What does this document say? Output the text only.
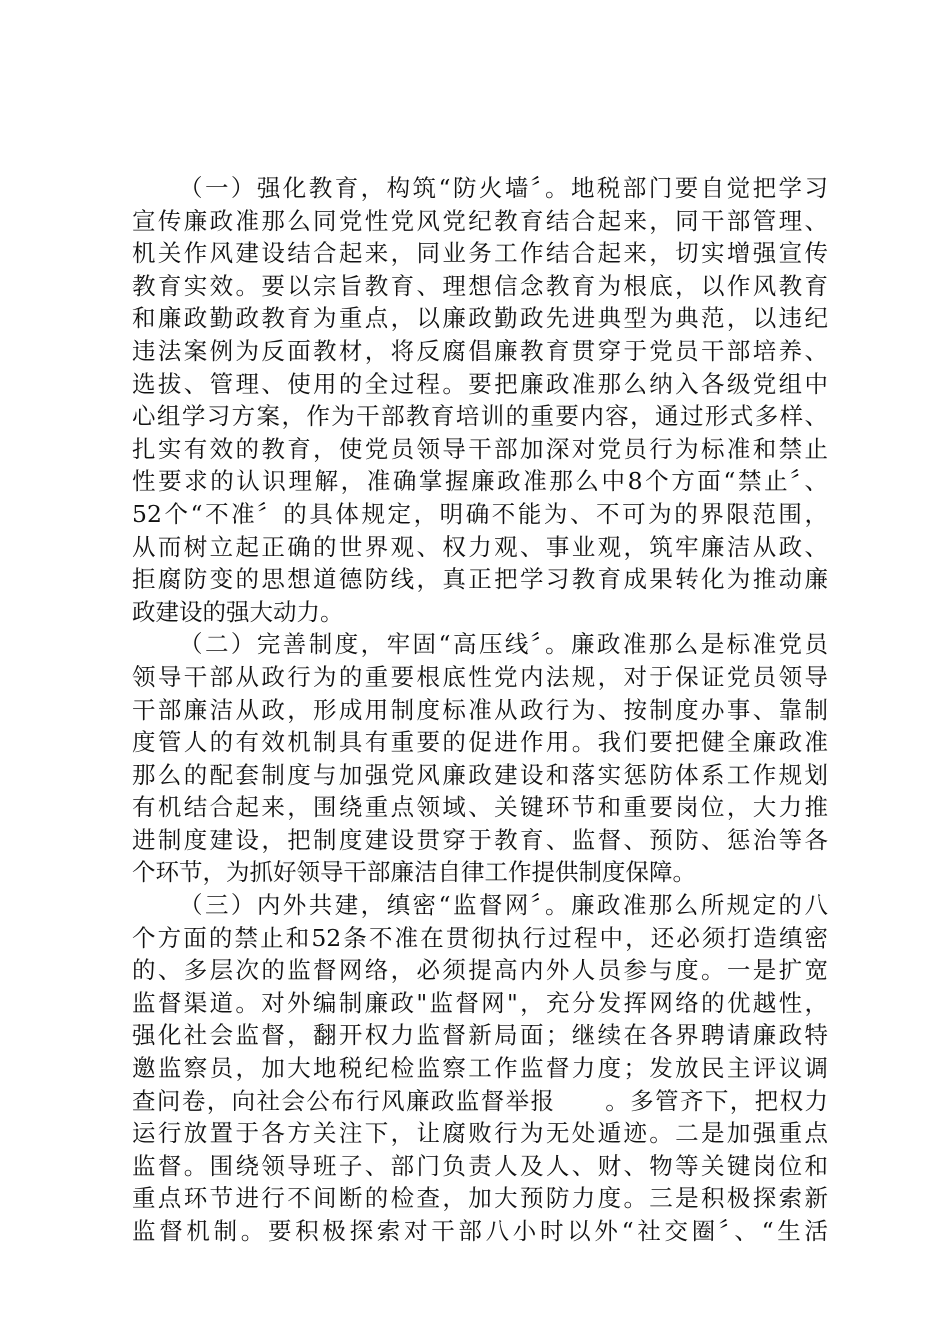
（一）强化教育，构筑“防火墙〞。地税部门要自觉把学习
宣传廉政准那么同党性党风党纪教育结合起来，同干部管理、
机关作风建设结合起来，同业务工作结合起来，切实增强宣传
教育实效。要以宗旨教育、理想信念教育为根底，以作风教育
和廉政勤政教育为重点，以廉政勤政先进典型为典范，以违纪
违法案例为反面教材，将反腐倡廉教育贯穿于党员干部培养、
选拔、管理、使用的全过程。要把廉政准那么纳入各级党组中
心组学习方案，作为干部教育培训的重要内容，通过形式多样、
扎实有效的教育，使党员领导干部加深对党员行为标准和禁止
性要求的认识理解，准确掌握廉政准那么中8个方面“禁止〞、
52个“不准〞的具体规定，明确不能为、不可为的界限范围，
从而树立起正确的世界观、权力观、事业观，筑牢廉洁从政、
拒腐防变的思想道德防线，真正把学习教育成果转化为推动廉
政建设的强大动力。
（二）完善制度，牢固“高压线〞。廉政准那么是标准党员
领导干部从政行为的重要根底性党内法规，对于保证党员领导
干部廉洁从政，形成用制度标准从政行为、按制度办事、靠制
度管人的有效机制具有重要的促进作用。我们要把健全廉政准
那么的配套制度与加强党风廉政建设和落实惩防体系工作规划
有机结合起来，围绕重点领域、关键环节和重要岗位，大力推
进制度建设，把制度建设贯穿于教育、监督、预防、惩治等各
个环节，为抓好领导干部廉洁自律工作提供制度保障。
（三）内外共建，缜密“监督网〞。廉政准那么所规定的八
个方面的禁止和52条不准在贯彻执行过程中，还必须打造缜密
的、多层次的监督网络，必须提高内外人员参与度。一是扩宽
监督渠道。对外编制廉政"监督网"，充分发挥网络的优越性，
强化社会监督，翻开权力监督新局面；继续在各界聘请廉政特
邀监察员，加大地税纪检监察工作监督力度；发放民主评议调
查问卷，向社会公布行风廉政监督举报　　。多管齐下，把权力
运行放置于各方关注下，让腐败行为无处遁迹。二是加强重点
监督。围绕领导班子、部门负责人及人、财、物等关键岗位和
重点环节进行不间断的检查，加大预防力度。三是积极探索新
监督机制。要积极探索对干部八小时以外“社交圈〞、“生活
